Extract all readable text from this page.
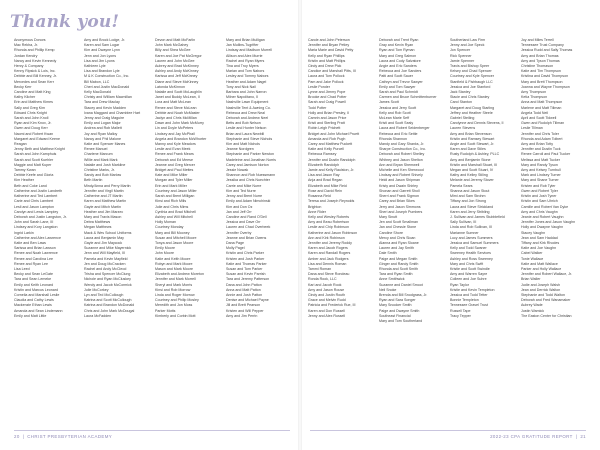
Thank you!
Anonymous Donors
Mac Rekha, Jr.
Rhonda and Phillip Kemp
Jordan Kendry
Nancy and Kevin Kennedy
Henry & Company
Kenny Ripsick & Lois, Inc.
Debbie and Bill Kenney, Jr.
Mercedes and Sean Kerr
Becky Kerr
Caroline and Matt King
Kathy Kilcher
Erin and Matthew Kimes
Sally and Greg Kim
Edward Chris Knight
Sarah and John Knoll
Ryan and Kim Knox, Jr.
Gwen and Doug Kerr
Naomi and Robert Kwan
Margaret and Edward Keene
Reagan
Jenny Beth and Matthew Knight
Sarah and John Kamphuis
Sarah and Scott Kuehler
Maggie and Matt Kuper
Tammy Kwan
Debbie Keefe and Gloria
Kim Heather
Beth and Coke Land
Catherine and Justin Landreth
Katherine and Ted Lambert
Carie and Chris Lambert
Lesli and Jason Lampton
Carolyn and Lewis Lampley
Deborah and Justin Langston, Jr.
John and Sarah Lane, III
Lindsey and Kory Langston
Ingrid Larkin
Catherine and Alex Lawrence
Katie and Ben Laws
Sarissa and Brian Lawson
Renee and Noah Lawrence
Renee and Carolina Lee
Renee and Ryan Lee
Lisa Leed
Becky and Sean LeGate
Tara and Sean Lemeke
Emily and Keith Leonard
Kristin and Marcus Leonard
Cornelia and Marshall Leslie
Claudia and Cathy Lewis
Mackenzie Ethan Lewis
Amanda and Sean Lindemann
Emily and Matt Little
Amy and Brock Lodge, Jr.
Karen and Sam Lugar
Kim and Dwayne Lynn
Jenn and Jon Lyons
Lisa and Jim Lyons
Kathleen Lyle
Lisa and Brandon Lyle
M & K Construction Co., Inc.
Bill Mabon, LLC
Cheri and Justin MacDonald
Kelly MacDonald
Christy and William Macmillan
Tara and Drew Maclay
Stacey and Kevin Madden
Ivana Maggard and Chamblee Hart
Jenny and Craig Maguire
Emily and Logan Major
Andrea and Rob Mallett
Joy and Ryan Malloy
Nancy and Phil Malone
Katie and Spencer Manes
Renee Manuel
Charlene Marcum
Willie and Mark Mark
Natalie and Josh Markline
Christine Marks, Jr.
Sandy and Bob Marlow
Beth Martin
Mindy/Anna and Perry Martin
Jennifer and Virgil Martin
Catherine and JT Martin
Karen and Matthew Martin
Gayle and Mitch Martin
Heather and Jim Marzec
Mary and Travis Mason
Debra Matthews
Megan Matthews
Mack & Wes School Uniforms
Laura and Benjamin May
Gayle and Jim Maycock
Suzanne and Mike Mayernick
Jenn and Will Mayfield, III
Pamela and Kevin Mayfield
Jen and Doug McCracken
Rachel and Andy McCleod
Trisha and Spencer McClung
Nichole and Ryan McCluskey
Wendy and Jacob McCormick
Julie McCorkey
Lyn and Ted McCullough
Katrina and Scott McCullough
Katrina and Brandon McDonald
Chris and John Mark McDougal
Laura McFadden
Devon and Matt McFarlin
John Mark McGahey
Billy and Shea McGee
Karen and Joe Pat McGregor
Lauren and John McGee
Aubrey and Brad McKinney
Ashley and Andy McKinney
Karissa and Jeff McKinney
Diane and Steve McKinney
Latonda McKinnon
Natalie and Scott McLaughlin
Janet and Buddy McLean, II
Lora and Matt McLean
Renee and Steve McLean
Debbie and Noah McMaster
Jaclyn and Chris McMillan
Dawn and John Mark McMurry
Lin and Doyle McPeters
Lindsey and Jay McPhail
Angela and Brandon McWhorter
Manny and Kyle Meadors
Leslie and Evan Meek
Renee and Frank Mears
Deborah and Ed Meese
Jeanne and Greg Mercer
Bridget and Paul Mettes
Kate and Mike Miller
Morgan and Tyler Miller
Erin and Mark Miller
Courtney and Jason Miller
Sarah and Brent Milligan
Kinsi and Rich Mills
Julie and Chris Mims
Cynthia and Brad Mitchell
Ashley and Will Mitchell
Holly Moman
Courtney Monday
Mary and Bill Mooney
Susan and Mitchell Moore
Tonya and Jason Moore
Emily Moore
John Moore
Katie and Keith Moore
Robyn and Mark Moore
Mason and Mark Moore
Elizabeth and Andrew Moreton
Jennifer and Mark Morrell
Sheryl and Mark Morris
Kinsi and Rob Morrow
Linda and Roger Morrow
Courtney and Philip Mosley
Meredith and Jon Moss
Parker Motts
Kimberly and Corbin Mott
Mary and Brian Mulligan
Jan Mullins-Tugrifter
Lindsay and Madison Murrell
Allison and Alex Murrie
Rachel and Ryan Myers
Tina and Troy Myers
Marian and Tom Nabors
Lesley and Tommy Nabors
Heather and Adam Nagel
Tony and Nick Nail
Barbara and John Narron
Milner Napolitano, II
Nashville Lawn Equipment
Nashville Tent & Awning Co.
Rebecca and Drew Neal
Deborah and Andrew Neel
Betts and Bob Nelson
Leslie and Hunter Nelson
Brian and Laura Newbill
Stephanie and Steve Nichols
Kim and Matt Nichols
Jeanne Nordgren
Stephanie and Parker Newton
Madeleine and Jonathan Norris
Carey and Jamison Norton
Jessie Nowak
Shannon and Rob Nuessmann
Jessika and Chris Nuechter
Carrie and Mike Nurre
Kim and Ted Nurre
Jenny and Brent Nurre
Emily and Adam Nimchinski
Kim and Don Oz
Jan and Jeff Orr
Caroline and Rand O'Dell
Jessica and Dave Orr
Lauren and Chad Overbeek
Jennifer Overby
Jeanne and Brian Owens
Dana Page
Molly Pagel
Kristin and Chris Parker
Kristen and Josh Parker
Katie and Thomas Parker
Susan and Tom Parker
Susan and Kevin Parrish
Tara and Jeremy Patterson
Dana and John Patton
Anna and Matt Patton
Annie and Josh Patton
Denise and Michael Payne
Jill and Brett Pearson
Kristen and Will Pepper
Amy and Jim Perrin
Carole and John Peterson
Jennifer and Bryan Petley
Maria Marie and David Petty
Kelly and Ryan Phillips
Kristin and Matt Phillips
Cindy and Drew Pick
Candice and Marshall Pitts, III
Laura and Tom Pollock
Pam and Jake Pollock
Leslie Ponder
Lynne and Jimmy Pope
Brooke and Chad Potter
Sarah and Craig Powell
Todd Potter
Holly and Brian Presley, II
Camrin and Jason Price
Kristi and Sterling Pratt
Robin Leigh Prichett
Bridget and John Michael Pruett
Amanda and Rob Pugh
Carey and Matthew Puckett
Katie and Kelly Purcell
Rebecca Ramsey
Jennifer and Dustin Randolph
Elizabeth Randolph
Jamie and Kelly Raulston, Jr.
Lisa and Jason Ray
Anja and Brad Regan
Elizabeth and Mike Reid
Rose and David Rein
Rosanna Reid
Teresa and Joseph Reynolds
Brighton
Anne Rider
Kelly and Wesley Roberts
Amy and Beau Robertson
Leslie and Chip Robinson
Katherine and Jason Robinson
Ann and Kirk Robinson
Jennifer and Jeremy Roddy
Karen and Jacob Rogers
Karen and Randall Rogers
Amber and Jack Rodgers
Lisa and Dennis Roman
Tammi Roman
Dana and Steve Rondeau
Ronda Rook, LLC
Kari and Jacob Rook
Amy and Jason Rouse
Cindy and Justin Routh
Grace and Melvin Rudd
Patricia and Frederick Rue, III
Karen and Don Russell
Jenny and Alex Russell
Deborah and Trent Ryan
Gray and Kevin Ryan
Ryan and Tom Ryman
Mary and Greg Salmon
Laura and Cody Salvatore
Angie and Eric Sanders
Rebecca and Joe Sanders
Patti and Scott Sauer
Cathryn and Trevor Sawyer
Emily and Tom Sawyer
Sarah and Paul Schmidt
Carmen and Bruce Schmittenburner
James Scott
Jessica and Jerry Scott
Kelly and Rob Scott
McLean Marie Seff
Kristi and Scott Sealy
Laura and Robert Seidenberger
Rebecca and Eric Settle
Rhonda Shannon
Mandy and Gary Shanks, Jr.
Sharpe Construction Co., Inc.
Deborah and Robert Shelley
Whitney and Jason Shelton
Ann and Bryan Shemwell
Michelle and Ken Sherwood
Lindsay and Robert Shively
Heidi and Jason Shipman
Kristy and Dwain Shirley
Shonan and Garrett Sholl
Sherri and Frank Sigmon
Carey and Brian Sikes
Jerry and Jason Simmons
Sheri and Joseph Pumbers
Mary Sinutt
Jen and Scott Smallman
Jan and Chessie Stone
Caroline Shore
Mercy and Chris Sloan
Alanna and Ryan Sloane
Lauren and Jay Smith
Dale Smith
Paige and Megan Smith
Ginger and Randy Smith
Rhonda and Scott Smith
Tara and Ryan Smith
Anne Smithwick
Suzanne and Daniel Smoot
Neil Snoke
Brenda and Bill Snodgrass, Jr.
Ryan and Sara Songer
Mary Snooker Smith
Paige and Dwayne Smith
Southeast Financial
Mary and Tom Southerland
Southerland Law Firm
Jenny and Joe Speck
Jon Spencer
Rick Spenner
Jamie Spenner
Travis and Bishop Speer
Kelsey and Chad Spencer
Courtney and Kyle Spencer
Stanfield & Fishbaugh LLC
Jessica and Joe Stanford
Jack Stanley
Stacie and Chris Stanley
Carol Stanton
Margaret and Doug Starling
Jeffrey and Heather Steele
Gabriel Steiling
Carolynne and Dennis Stevens, II
Lauren Stevens
Amy and Brian Stevenson
Kristin and Ramsey Stewart
Angie and Scott Stewart, Jr.
Karen and Dave Stiles
Rusty Rudolph & Ashley, PLLC
Amy and Benjamin Stone
Kristin and Marshall Stuart, III
Megan and Scott Stuart, IV
Kathy and Kelley Stiling
Melanie and Jeremy Stover
Pamela Sears
Shanna and Jason Stout
Mimi and Sam Strohm
Tiffany and Jon Strong
Laura and Steve Strickland
Karen and Jerry Stribling
J. Sullivan and James Stubblefield
Sally Sullivan, III
Linda and Rob Sullivan, III
Marianne Sumner
Lucy and James Summers
Jessica and Samuel Summers
Kelly and Todd Swaner
Sweeney Health Services
Ashley and Ross Sweeney
Mary and Chris Swift
Kristie and Scott Swindle
Amy and Warren Sayre
Colleen and Joe Suhre
Ryan Taylor
Kristie and Kevin Templeton
Jessica and Todd Tetter
Bonnie Templeton
Tennessee Gravel Trust
Russell Tape
Tracy Tepper
Joy and Miles Terrell
Tennessee Trust Company
Jessica Rudd and Sally Thomas
Amy and Brian Thomas
Amy and Tyson Thomas
Christine Thomason
Katie and Tim Thompson
Kristina and David Thompson
Mary and Brett Thompson
Joanna and Wayne Thompson
Amy Thompson
Ketia Thompson
Anna and Matt Thompson
Marlene and Matt Tillman
Angela Todd Neil
April and Scott Tidwell
Gwen and Rudolph Tillman
Leslie Tillman
Jennifer and Chris Toler
Rhonda and Adam Tolbert
Amy and Brian Totty
Jennifer and Dustin Tuck
Renee Carroll and Paul Tucker
Melissa and Matt Tucker
Mary and Randy Tyson
Amy and Kelsey Turnbull
Mark and Lindsey Turner
Mary and Shane Turner
Kristen and Rob Tyler
Gwen and Robert Tyler
Kristin and Josh Tyner
Kristin and Sam Uhrich
Camille and Robert Van Dyke
Amy and Chris Vaughn
Jeanie and Robert Vaughn
Jennifer Jones and Jason Vaughn
Holly and Dwayne Vaughn
Stacey Vaughn
Jean and Sam Haddad
Tiffany and Kirk Rhodes
Katie and Joe Vaughn
Cabel Walker
Tonie Wallace
Katie and Matt Wallace
Parker and Holly Wallace
Jennifer and Robert Wallace, Jr.
Brian Waller
Judie and Joseph Walsh
Jean and Derrick Walton
Stephanie and Todd Walton
Deborah and Fred Wanamaker
Aubrey Wade
Justin Wamick
The Easton Center for Christian
20 | CHRIST PRESBYTERIAN ACADEMY	2022-23 CPA GRATITUDE REPORT | 21
